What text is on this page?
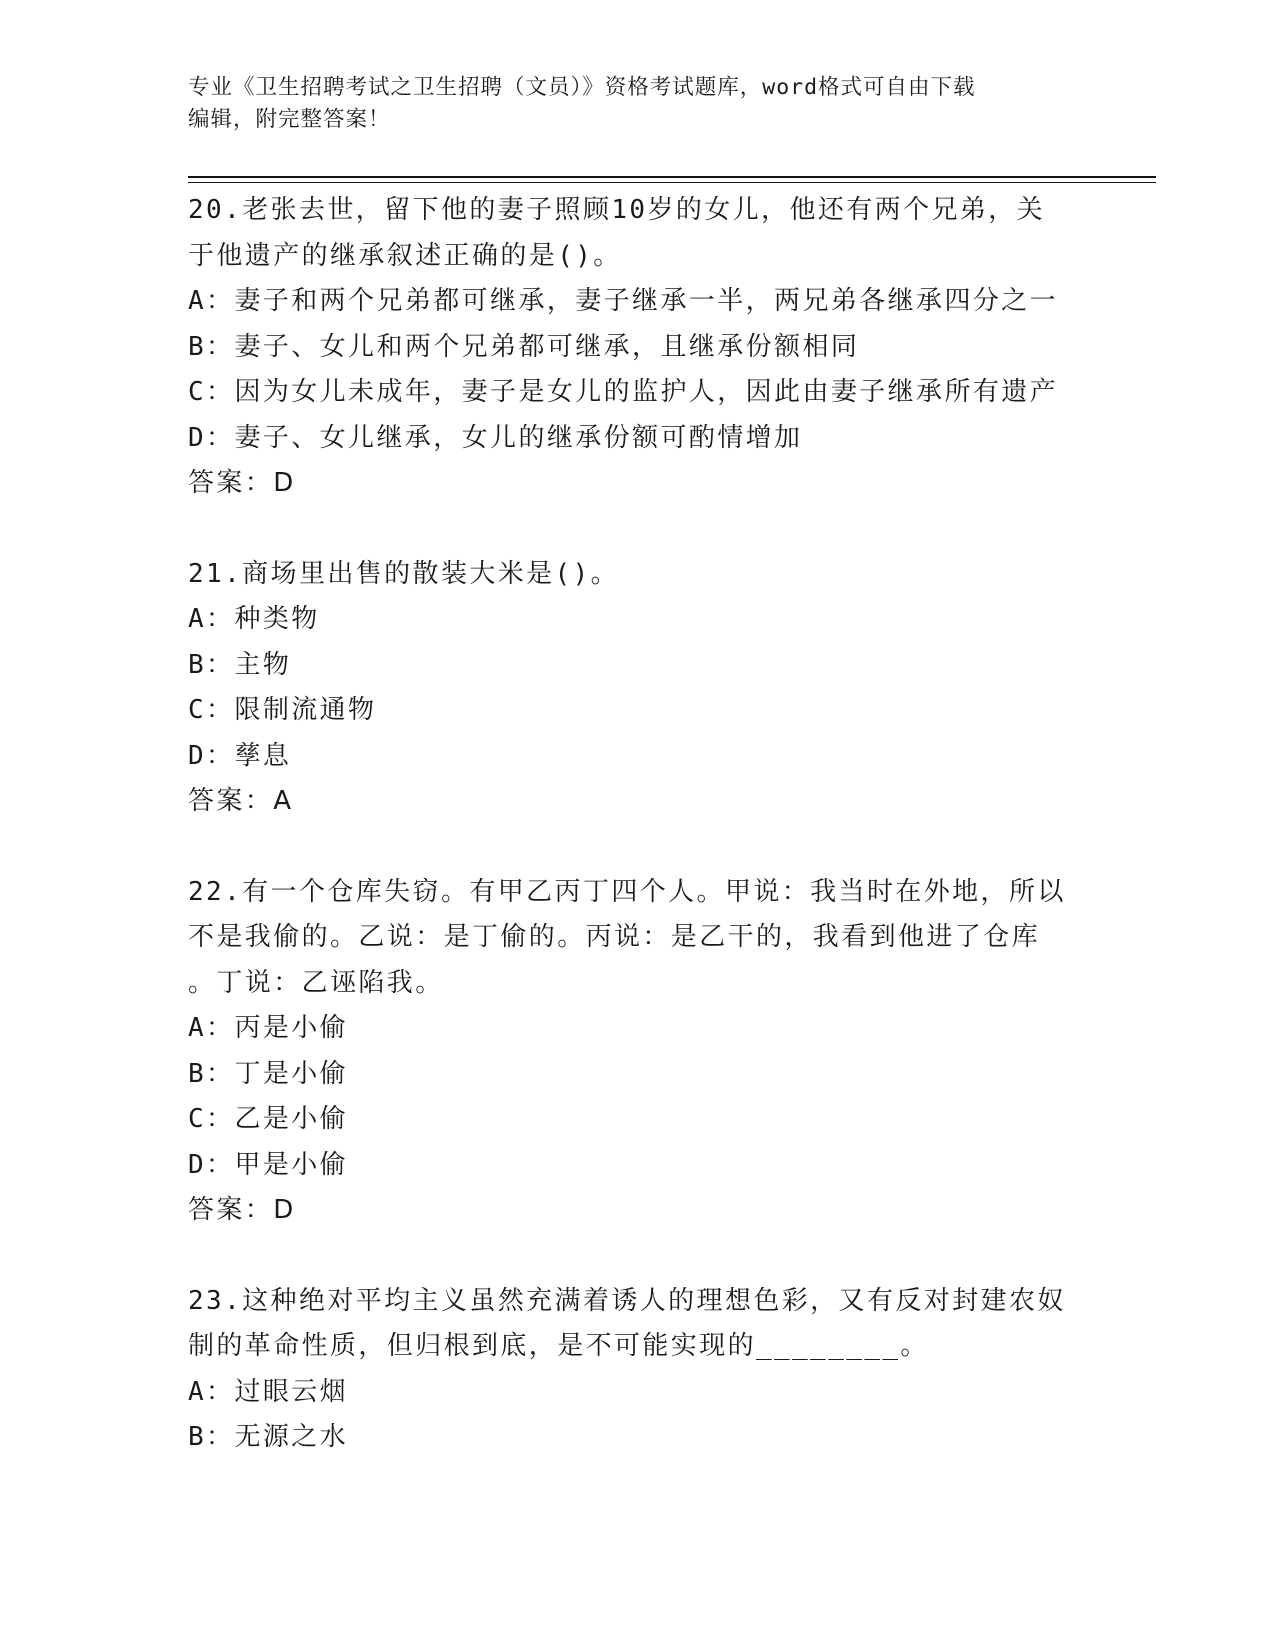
专业《卫生招聘考试之卫生招聘（文员）》资格考试题库，word格式可自由下载
编辑，附完整答案！
20.老张去世，留下他的妻子照顾10岁的女儿，他还有两个兄弟，关
于他遗产的继承叙述正确的是()。
A：妻子和两个兄弟都可继承，妻子继承一半，两兄弟各继承四分之一
B：妻子、女儿和两个兄弟都可继承，且继承份额相同
C：因为女儿未成年，妻子是女儿的监护人，因此由妻子继承所有遗产
D：妻子、女儿继承，女儿的继承份额可酌情增加
答案：D
21.商场里出售的散装大米是()。
A：种类物
B：主物
C：限制流通物
D：孳息
答案：A
22.有一个仓库失窃。有甲乙丙丁四个人。甲说：我当时在外地，所以
不是我偷的。乙说：是丁偷的。丙说：是乙干的，我看到他进了仓库
。丁说：乙诬陷我。
A：丙是小偷
B：丁是小偷
C：乙是小偷
D：甲是小偷
答案：D
23.这种绝对平均主义虽然充满着诱人的理想色彩，又有反对封建农奴
制的革命性质，但归根到底，是不可能实现的________。
A：过眼云烟
B：无源之水
